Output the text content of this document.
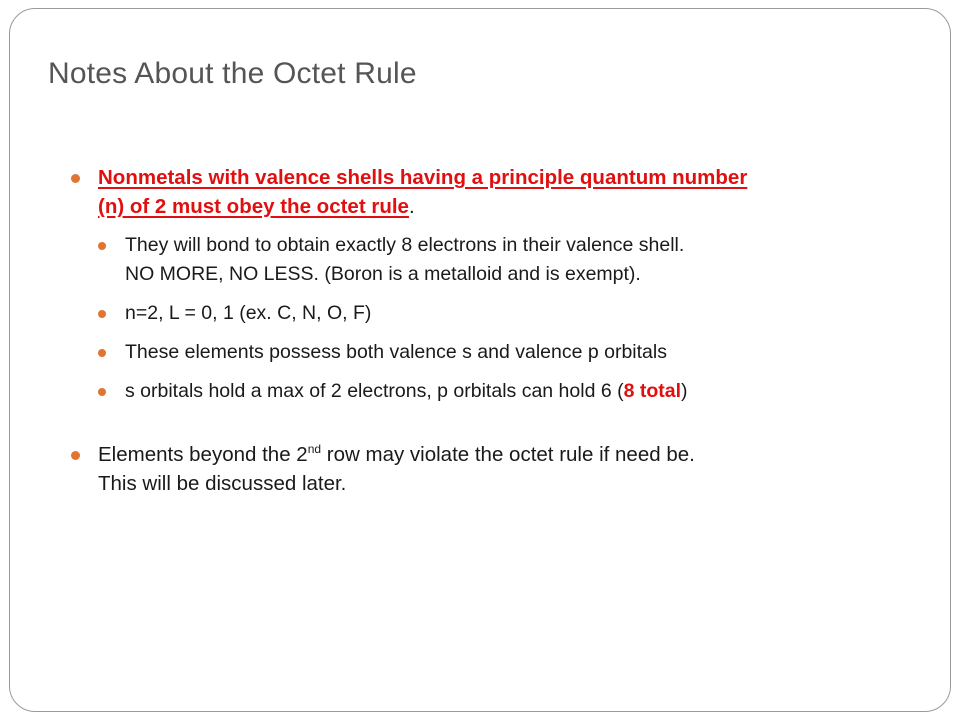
Notes About the Octet Rule
Nonmetals with valence shells having a principle quantum number
(n) of 2 must obey the octet rule.
They will bond to obtain exactly 8 electrons in their valence shell.
NO MORE, NO LESS. (Boron is a metalloid and is exempt).
n=2, L = 0, 1 (ex. C, N, O, F)
These elements possess both valence s and valence p orbitals
s orbitals hold a max of 2 electrons, p orbitals can hold 6 (8 total)
Elements beyond the 2nd row may violate the octet rule if need be.
This will be discussed later.
